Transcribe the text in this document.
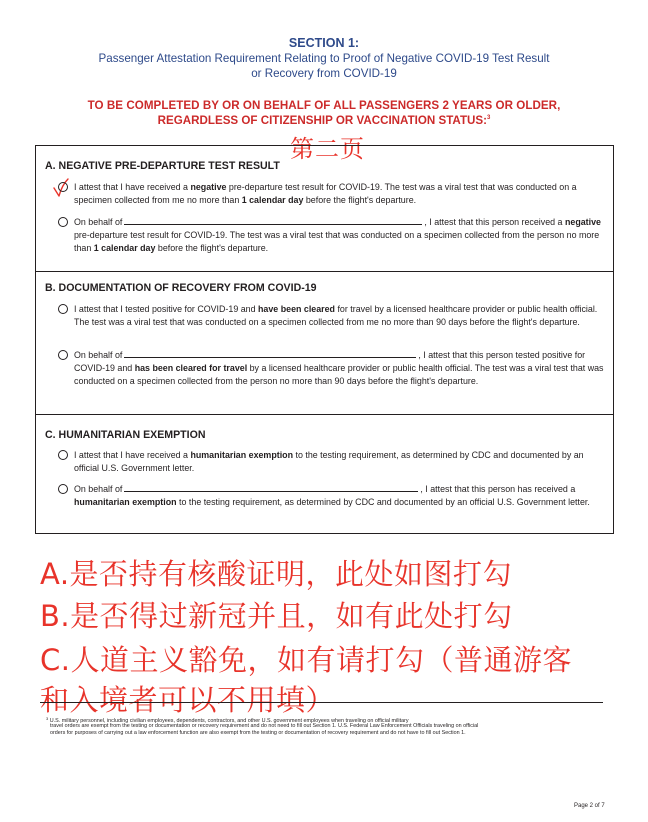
SECTION 1:
Passenger Attestation Requirement Relating to Proof of Negative COVID-19 Test Result
or Recovery from COVID-19
TO BE COMPLETED BY OR ON BEHALF OF ALL PASSENGERS 2 YEARS OR OLDER,
REGARDLESS OF CITIZENSHIP OR VACCINATION STATUS:$^3$
第二页
A. NEGATIVE PRE-DEPARTURE TEST RESULT
I attest that I have received a negative pre-departure test result for COVID-19. The test was a viral test that was conducted on a specimen collected from me no more than 1 calendar day before the flight's departure.
On behalf of	, I attest that this person received a negative pre-departure test result for COVID-19. The test was a viral test that was conducted on a specimen collected from the person no more than 1 calendar day before the flight's departure.
B. DOCUMENTATION OF RECOVERY FROM COVID-19
I attest that I tested positive for COVID-19 and have been cleared for travel by a licensed healthcare provider or public health official. The test was a viral test that was conducted on a specimen collected from me no more than 90 days before the flight's departure.
On behalf of	, I attest that this person tested positive for COVID-19 and has been cleared for travel by a licensed healthcare provider or public health official. The test was a viral test that was conducted on a specimen collected from the person no more than 90 days before the flight's departure.
C. HUMANITARIAN EXEMPTION
I attest that I have received a humanitarian exemption to the testing requirement, as determined by CDC and documented by an official U.S. Government letter.
On behalf of	, I attest that this person has received a humanitarian exemption to the testing requirement, as determined by CDC and documented by an official U.S. Government letter.
A.是否持有核酸证明，此处如图打勾
B.是否得过新冠并且，如有此处打勾
C.人道主义豁免，如有请打勾（普通游客
和入境者可以不用填）
$^3$ U.S. military personnel, including civilian employees, dependents, contractors, and other U.S. government employees when traveling on official military
travel orders are exempt from the testing or documentation or recovery requirement and do not need to fill out Section 1. U.S. Federal Law Enforcement Officials traveling on official
orders for purposes of carrying out a law enforcement function are also exempt from the testing or documentation of recovery requirement and do not have to fill out Section 1.
Page 2 of 7
